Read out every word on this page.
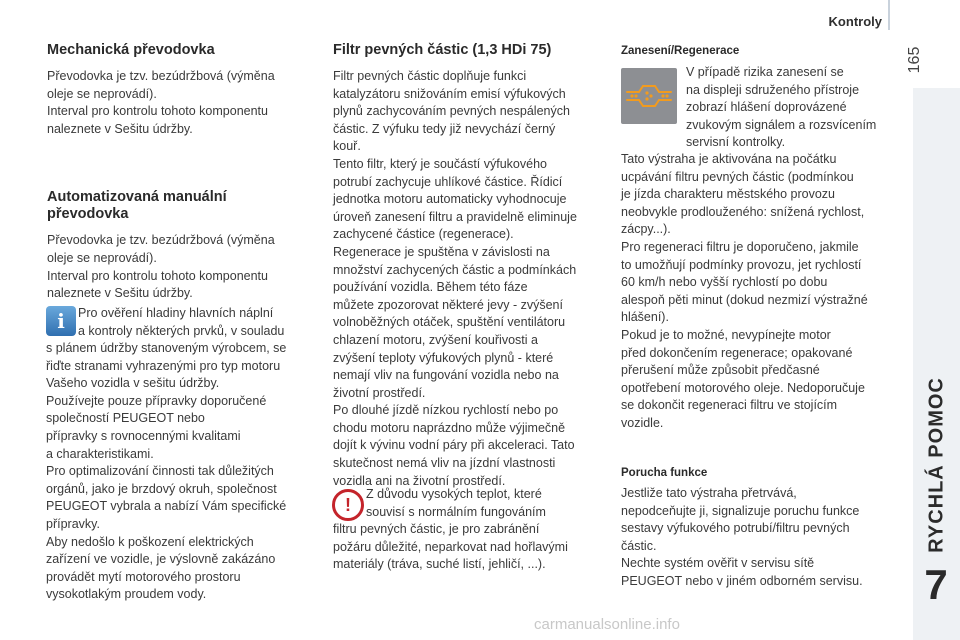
Kontroly
165
RYCHLÁ POMOC
7
Mechanická převodovka

Převodovka je tzv. bezúdržbová (výměna
oleje se neprovádí).
Interval pro kontrolu tohoto komponentu
naleznete v Sešitu údržby.

Automatizovaná manuální
převodovka

Převodovka je tzv. bezúdržbová (výměna
oleje se neprovádí).
Interval pro kontrolu tohoto komponentu
naleznete v Sešitu údržby.

i	Pro ověření hladiny hlavních náplní
a kontroly některých prvků, v souladu

s plánem údržby stanoveným výrobcem, se
řiďte stranami vyhrazenými pro typ motoru
Vašeho vozidla v sešitu údržby.
Používejte pouze přípravky doporučené
společností PEUGEOT nebo
přípravky s rovnocennými kvalitami
a charakteristikami.
Pro optimalizování činnosti tak důležitých
orgánů, jako je brzdový okruh, společnost
PEUGEOT vybrala a nabízí Vám specifické
přípravky.
Aby nedošlo k poškození elektrických
zařízení ve vozidle, je výslovně zakázáno
provádět mytí motorového prostoru
vysokotlakým proudem vody.

Filtr pevných částic (1,3 HDi 75)

Filtr pevných částic doplňuje funkci
katalyzátoru snižováním emisí výfukových
plynů zachycováním pevných nespálených
částic. Z výfuku tedy již nevychází černý
kouř.
Tento filtr, který je součástí výfukového
potrubí zachycuje uhlíkové částice. Řídicí
jednotka motoru automaticky vyhodnocuje
úroveň zanesení filtru a pravidelně eliminuje
zachycené částice (regenerace).
Regenerace je spuštěna v závislosti na
množství zachycených částic a podmínkách
používání vozidla. Během této fáze
můžete zpozorovat některé jevy - zvýšení
volnoběžných otáček, spuštění ventilátoru
chlazení motoru, zvýšení kouřivosti a
zvýšení teploty výfukových plynů - které
nemají vliv na fungování vozidla nebo na
životní prostředí.
Po dlouhé jízdě nízkou rychlostí nebo po
chodu motoru naprázdno může výjimečně
dojít k vývinu vodní páry při akceleraci. Tato
skutečnost nemá vliv na jízdní vlastnosti
vozidla ani na životní prostředí.

!

Z důvodu vysokých teplot, které
souvisí s normálním fungováním

filtru pevných částic, je pro zabránění
požáru důležité, neparkovat nad hořlavými
materiály (tráva, suché listí, jehličí, ...).

Zanesení/Regenerace

V případě rizika zanesení se
na displeji sdruženého přístroje
zobrazí hlášení doprovázené
zvukovým signálem a rozsvícením
servisní kontrolky.

Tato výstraha je aktivována na počátku
ucpávání filtru pevných částic (podmínkou
je jízda charakteru městského provozu
neobvykle prodlouženého: snížená rychlost,
zácpy...).
Pro regeneraci filtru je doporučeno, jakmile
to umožňují podmínky provozu, jet rychlostí
60 km/h nebo vyšší rychlostí po dobu
alespoň pěti minut (dokud nezmizí výstražné
hlášení).
Pokud je to možné, nevypínejte motor
před dokončením regenerace; opakované
přerušení může způsobit předčasné
opotřebení motorového oleje. Nedoporučuje
se dokončit regeneraci filtru ve stojícím
vozidle.

Porucha funkce

Jestliže tato výstraha přetrvává,
nepodceňujte ji, signalizuje poruchu funkce
sestavy výfukového potrubí/filtru pevných
částic.
Nechte systém ověřit v servisu sítě
PEUGEOT nebo v jiném odborném servisu.

carmanualsonline.info
